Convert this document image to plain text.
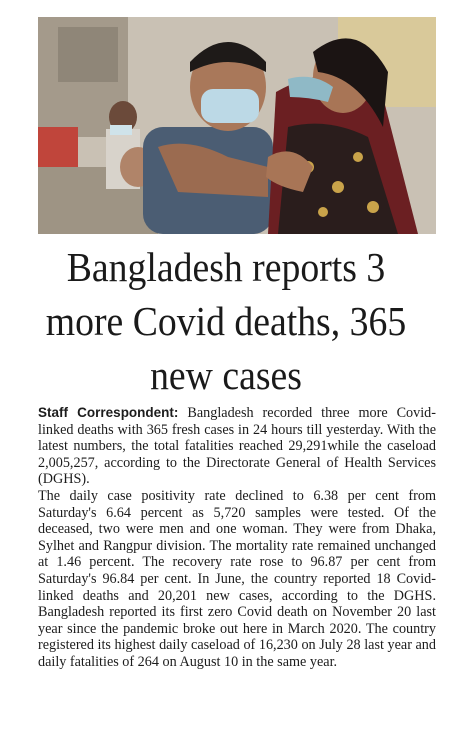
Bangladesh reports 3 more Covid deaths, 365 new cases

Staff Correspondent: Bangladesh recorded three more Covid-linked deaths with 365 fresh cases in 24 hours till yesterday. With the latest numbers, the total fatalities reached 29,291while the caseload 2,005,257, according to the Directorate General of Health Services (DGHS).

The daily case positivity rate declined to 6.38 per cent from Saturday's 6.64 percent as 5,720 samples were tested. Of the deceased, two were men and one woman. They were from Dhaka, Sylhet and Rangpur division. The mortality rate remained unchanged at 1.46 percent. The recovery rate rose to 96.87 per cent from Saturday's 96.84 per cent. In June, the country reported 18 Covid-linked deaths and 20,201 new cases, according to the DGHS. Bangladesh reported its first zero Covid death on November 20 last year since the pandemic broke out here in March 2020. The country registered its highest daily caseload of 16,230 on July 28 last year and daily fatalities of 264 on August 10 in the same year.
